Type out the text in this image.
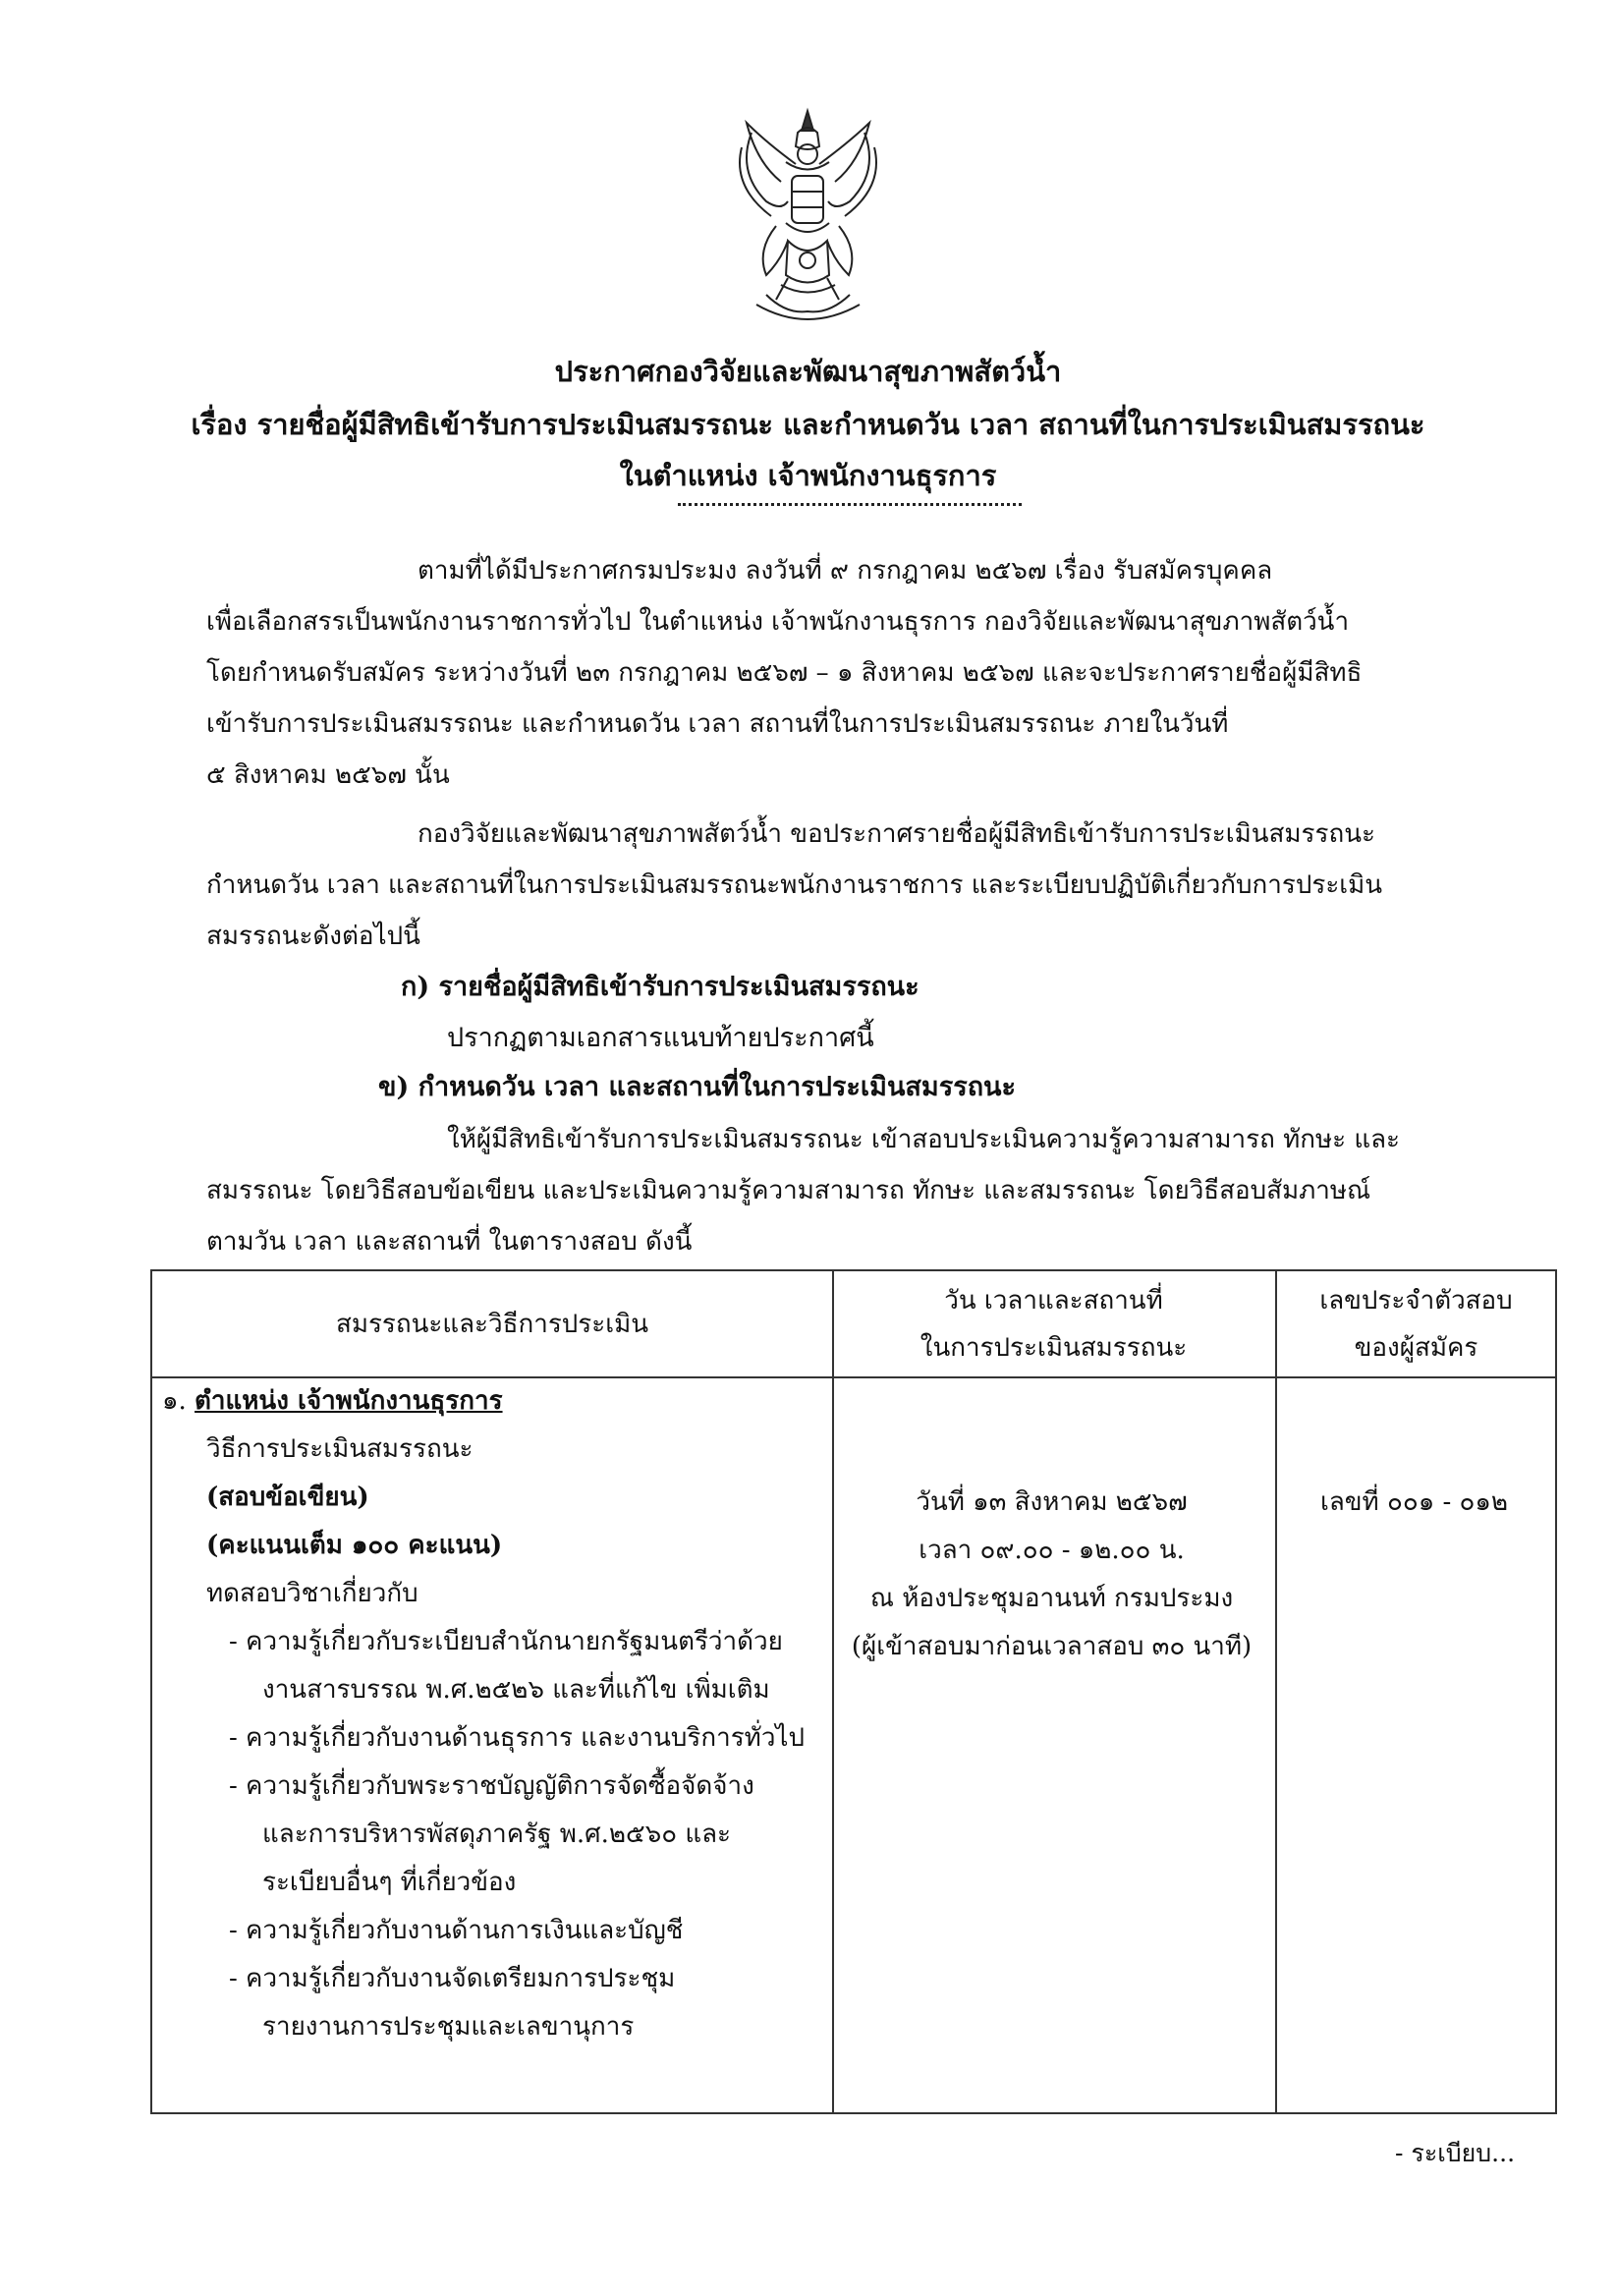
ประกาศกองวิจัยและพัฒนาสุขภาพสัตว์น้ำ
เรื่อง รายชื่อผู้มีสิทธิเข้ารับการประเมินสมรรถนะ และกำหนดวัน เวลา สถานที่ในการประเมินสมรรถนะ
ในตำแหน่ง เจ้าพนักงานธุรการ
ตามที่ได้มีประกาศกรมประมง ลงวันที่ ๙ กรกฎาคม ๒๕๖๗ เรื่อง รับสมัครบุคคล
เพื่อเลือกสรรเป็นพนักงานราชการทั่วไป ในตำแหน่ง เจ้าพนักงานธุรการ กองวิจัยและพัฒนาสุขภาพสัตว์น้ำ
โดยกำหนดรับสมัคร ระหว่างวันที่ ๒๓ กรกฎาคม ๒๕๖๗ – ๑ สิงหาคม ๒๕๖๗ และจะประกาศรายชื่อผู้มีสิทธิ
เข้ารับการประเมินสมรรถนะ และกำหนดวัน เวลา สถานที่ในการประเมินสมรรถนะ ภายในวันที่
๕ สิงหาคม ๒๕๖๗ นั้น
กองวิจัยและพัฒนาสุขภาพสัตว์น้ำ ขอประกาศรายชื่อผู้มีสิทธิเข้ารับการประเมินสมรรถนะ
กำหนดวัน เวลา และสถานที่ในการประเมินสมรรถนะพนักงานราชการ และระเบียบปฏิบัติเกี่ยวกับการประเมิน
สมรรถนะดังต่อไปนี้
ก) รายชื่อผู้มีสิทธิเข้ารับการประเมินสมรรถนะ
ปรากฏตามเอกสารแนบท้ายประกาศนี้
ข) กำหนดวัน เวลา และสถานที่ในการประเมินสมรรถนะ
ให้ผู้มีสิทธิเข้ารับการประเมินสมรรถนะ เข้าสอบประเมินความรู้ความสามารถ ทักษะ และ
สมรรถนะ โดยวิธีสอบข้อเขียน และประเมินความรู้ความสามารถ ทักษะ และสมรรถนะ โดยวิธีสอบสัมภาษณ์
ตามวัน เวลา และสถานที่ ในตารางสอบ ดังนี้
สมรรถนะและวิธีการประเมิน
วัน เวลาและสถานที่
ในการประเมินสมรรถนะ
เลขประจำตัวสอบ
ของผู้สมัคร
๑. ตำแหน่ง เจ้าพนักงานธุรการ
วิธีการประเมินสมรรถนะ
(สอบข้อเขียน)
(คะแนนเต็ม ๑๐๐ คะแนน)
ทดสอบวิชาเกี่ยวกับ
- ความรู้เกี่ยวกับระเบียบสำนักนายกรัฐมนตรีว่าด้วย
งานสารบรรณ พ.ศ.๒๕๒๖ และที่แก้ไข เพิ่มเติม
- ความรู้เกี่ยวกับงานด้านธุรการ และงานบริการทั่วไป
- ความรู้เกี่ยวกับพระราชบัญญัติการจัดซื้อจัดจ้าง
และการบริหารพัสดุภาครัฐ พ.ศ.๒๕๖๐ และ
ระเบียบอื่นๆ ที่เกี่ยวข้อง
- ความรู้เกี่ยวกับงานด้านการเงินและบัญชี
- ความรู้เกี่ยวกับงานจัดเตรียมการประชุม
รายงานการประชุมและเลขานุการ
วันที่ ๑๓ สิงหาคม ๒๕๖๗
เวลา ๐๙.๐๐ - ๑๒.๐๐ น.
ณ ห้องประชุมอานนท์ กรมประมง
(ผู้เข้าสอบมาก่อนเวลาสอบ ๓๐ นาที)
เลขที่ ๐๐๑ - ๐๑๒
- ระเบียบ...
